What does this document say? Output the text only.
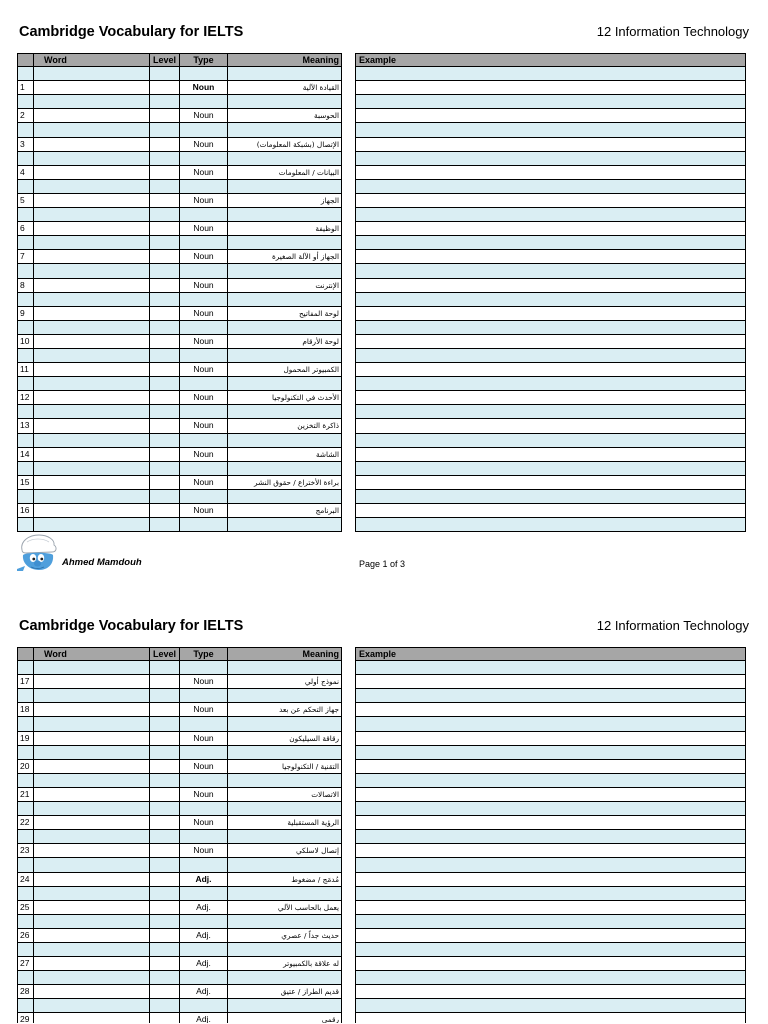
Cambridge Vocabulary for IELTS	12 Information Technology
Word	Level	Type	Meaning	Example
1	Noun	القيادة الآلية
2	Noun	الحوسبة
3	Noun	الإتصال (بشبكة المعلومات)
4	Noun	البيانات / المعلومات
5	Noun	الجهاز
6	Noun	الوظيفة
7	Noun	الجهاز أو الآلة الصغيرة
8	Noun	الإنترنت
9	Noun	لوحة المفاتيح
10	Noun	لوحة الأرقام
11	Noun	الكمبيوتر المحمول
12	Noun	الأحدث في التكنولوجيا
13	Noun	ذاكرة التخزين
14	Noun	الشاشة
15	Noun	براءة الأختراع / حقوق النشر
16	Noun	البرنامج
Ahmed Mamdouh	Page 1 of 3
Cambridge Vocabulary for IELTS	12 Information Technology
Word	Level	Type	Meaning	Example
17	Noun	نموذج أولي
18	Noun	جهاز التحكم عن بعد
19	Noun	رقاقة السيليكون
20	Noun	التقنية / التكنولوجيا
21	Noun	الاتصالات
22	Noun	الرؤية المستقبلية
23	Noun	إتصال لاسلكي
24	Adj.	مُدمَج / مضغوط
25	Adj.	يعمل بالحاسب الآلي
26	Adj.	حديث جداً / عصري
27	Adj.	له علاقة بالكمبيوتر
28	Adj.	قديم الطراز / عتيق
29	Adj.	رقمي
